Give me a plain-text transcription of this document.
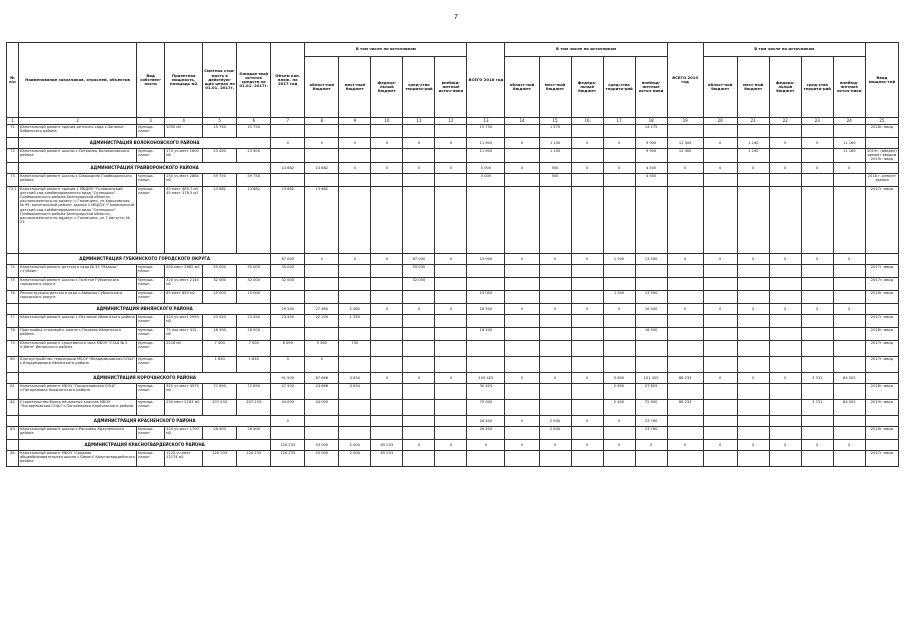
7
№ п/п	Наименование заказчиков, отраслей, объектов	Вид собствен-ности	Проектная мощность, площадь м2	Сметная стои-мость в действую-щих ценах на 01.01. 2017г.	Ожидае-мый остаток средств на 01.01. 2017г.	Объем кап. влож. на 2017 год	В том числе по источникам					ВСЕГО 2018 год	В том числе по источникам					ВСЕГО 2019 год	В том числе по источникам					Ввод мощнос-тей
							област-ной бюджет	мест-ный бюджет	федера-льный бюджет	сред-ства террито-рий	внебюд-жетные источ-ники		област-ной бюджет	мест-ный бюджет	федера-льный бюджет	сред-ства террито-рий	внебюд-жетные источ-ники		област-ной бюджет	мест-ный бюджет	федера-льный бюджет	сред-ства террито-рий	внебюд-жетные источ-ники	
1	2	3	4	5	6	7	8	9	10	11	12	13	14	15	16	17	18	19	20	21	22	23	24	25
71	Капитальный ремонт здания детского сада с.Заполье Бабанского района	муници-пальн	1050 м2	15 750	15 750							15 750		1 575			14 175							2018г. ввод
	АДМИНИСТРАЦИЯ ВОЛОКОНОВСКОГО РАЙОНА					0	0	0	0	0	0	11 000	0	1 100	0	0	9 900	12 400	0	1 240	0	0	11 160	
72	Капитальный ремонт школы с.Погромец Волоконовского района	муници-пальн	170 уч.мест 1600 м2	23 400	23 400							11 000		1 100			9 900	12 400		1 240			11 160	2019г. (введен) ремонт вводом 2019г. ввод
	АДМИНИСТРАЦИЯ ГРАЙВОРОНСКОГО РАЙОНА					13 682	13 682	0	0	0	0	5 000	0	500	0	0	4 500	0	0	0	0	0	0	
73	Капитальный ремонт школы с.Смородино Грайворонского района	муници-пальн	150 уч.мест 2884 м2	59 750	59 750							5 000		500			4 500							2018 г. ремонт здания
73.1	Капитальный ремонт здания 1 МБДОУ "Головчинский детский сад комбинированного вида "Солнышко" Грайворонского района Белгородской области, расположенного по адресу: с.Головчино, ул.Харьковская, № 95; капитальный ремонт здания 2 МБДОУ "Головчинский детский сад комбинированного вида "Солнышко" Грайворонского района Белгородской области, расположенного по адресу: с.Головчино, ул.7 Августа, № 23	муници-пальн	45 мест 485,7 м2 45 мест 378,5 м2	13 682	13 682	13 682	13 682																	2017г. ввод
	АДМИНИСТРАЦИЯ ГУБКИНСКОГО ГОРОДСКОГО ОКРУГА					87 000	0	0	0	87 000	0	15 000	0	0	0	1 500	13 500	0	0	0	0	0	0	
74	Капитальный ремонт детского сада № 35 "Малыш" г.Губкин	муници-пальн	200 мест 2662 м2	55 000	55 000	55 000				55 000														2017г. ввод
75	Капитальный ремонт школы с.Толстое Губкинского городского округа	муници-пальн	320 уч.мест 2144 м2	32 000	32 000	32 000				32 000														2017г. ввод
76	Реконструкция детского сада с.Аверино Губкинского городского округа	муници-пальн	45 мест 650 м2	15 000	15 000							15 000				1 500	13 500							2018г. ввод
	АДМИНИСТРАЦИЯ ИВНЯНСКОГО РАЙОНА					29 540	27 460	2 080	0	0	0	16 500	0	0	0	0	16 500	0	0	0	0	0	0	
77	Капитальный ремонт школы с.Песчаное Ивнянского района	муници-пальн	320 уч.мест 2993 м2	23 450	23 450	23 450	22 100	1 350																2017г. ввод
78	Пристройка столовой к школе с.Почаево Ивнянского района	муници-пальн	75 пос.мест 412 м2	16 500	16 500							16 500					16 500							2018г. ввод
79	Капитальный ремонт спортивного зала МБОУ "СОШ № 2 п.Ивня" Ивнянского района	муници-пальн	2216 м2	7 000	7 000	6 090	5 360	730																2017г. ввод
80	Благоустройство территории МБОУ "Владимировская СОШ" с.Владимировка Ивнянского района	муници-пальн		1 830	1 830	0	0																	2017г. ввод
	АДМИНИСТРАЦИЯ КОРОЧАНСКОГО РАЙОНА					91 500	87 666	3 834	0	0	0	105 425	0	0	0	5 800	101 425	88 233	0	0	0	3 731	84 502	
81	Капитальный ремонт МБОУ "Погореловская СОШ" с.Погореловка Корочанского района	муници-пальн	325 уч.мест 4575 м2	77 890	77 890	47 500	43 666	3 834				30 425				2 800	27 625							2018г. ввод
82	Строительство блока начальных классов МБОУ "Погореловская СОШ" с.Погореловка Корочанского района	муници-пальн	230 мест 5183 м2	207 233	207 233	44 000	44 000					75 000				2 400	72 600	88 233				3 731	84 502	2019г. ввод
	АДМИНИСТРАЦИЯ КРАСНЕНСКОГО РАЙОНА					0						26 400	0	2 640	0	0	23 760							
83	Капитальный ремонт школы с.Расховец Красненского района	муници-пальн	320 уч.мест 1700 м2	26 400	26 400							26 400		2 640			23 760							2018г. ввод
	АДМИНИСТРАЦИЯ КРАСНОГВАРДЕЙСКОГО РАЙОНА					120 233	53 000	2 000	65 233	0	0	0	0	0	0	0	0	0	0	0	0	0	0	
84	Капитальный ремонт МБОУ "Средняя общеобразовательная школа с.Бирюч" Красногвардейского района	муници-пальн	1125 уч.мест 12174 м2	120 233	120 233	120 233	53 000	2 000	65 233															2017г. ввод
